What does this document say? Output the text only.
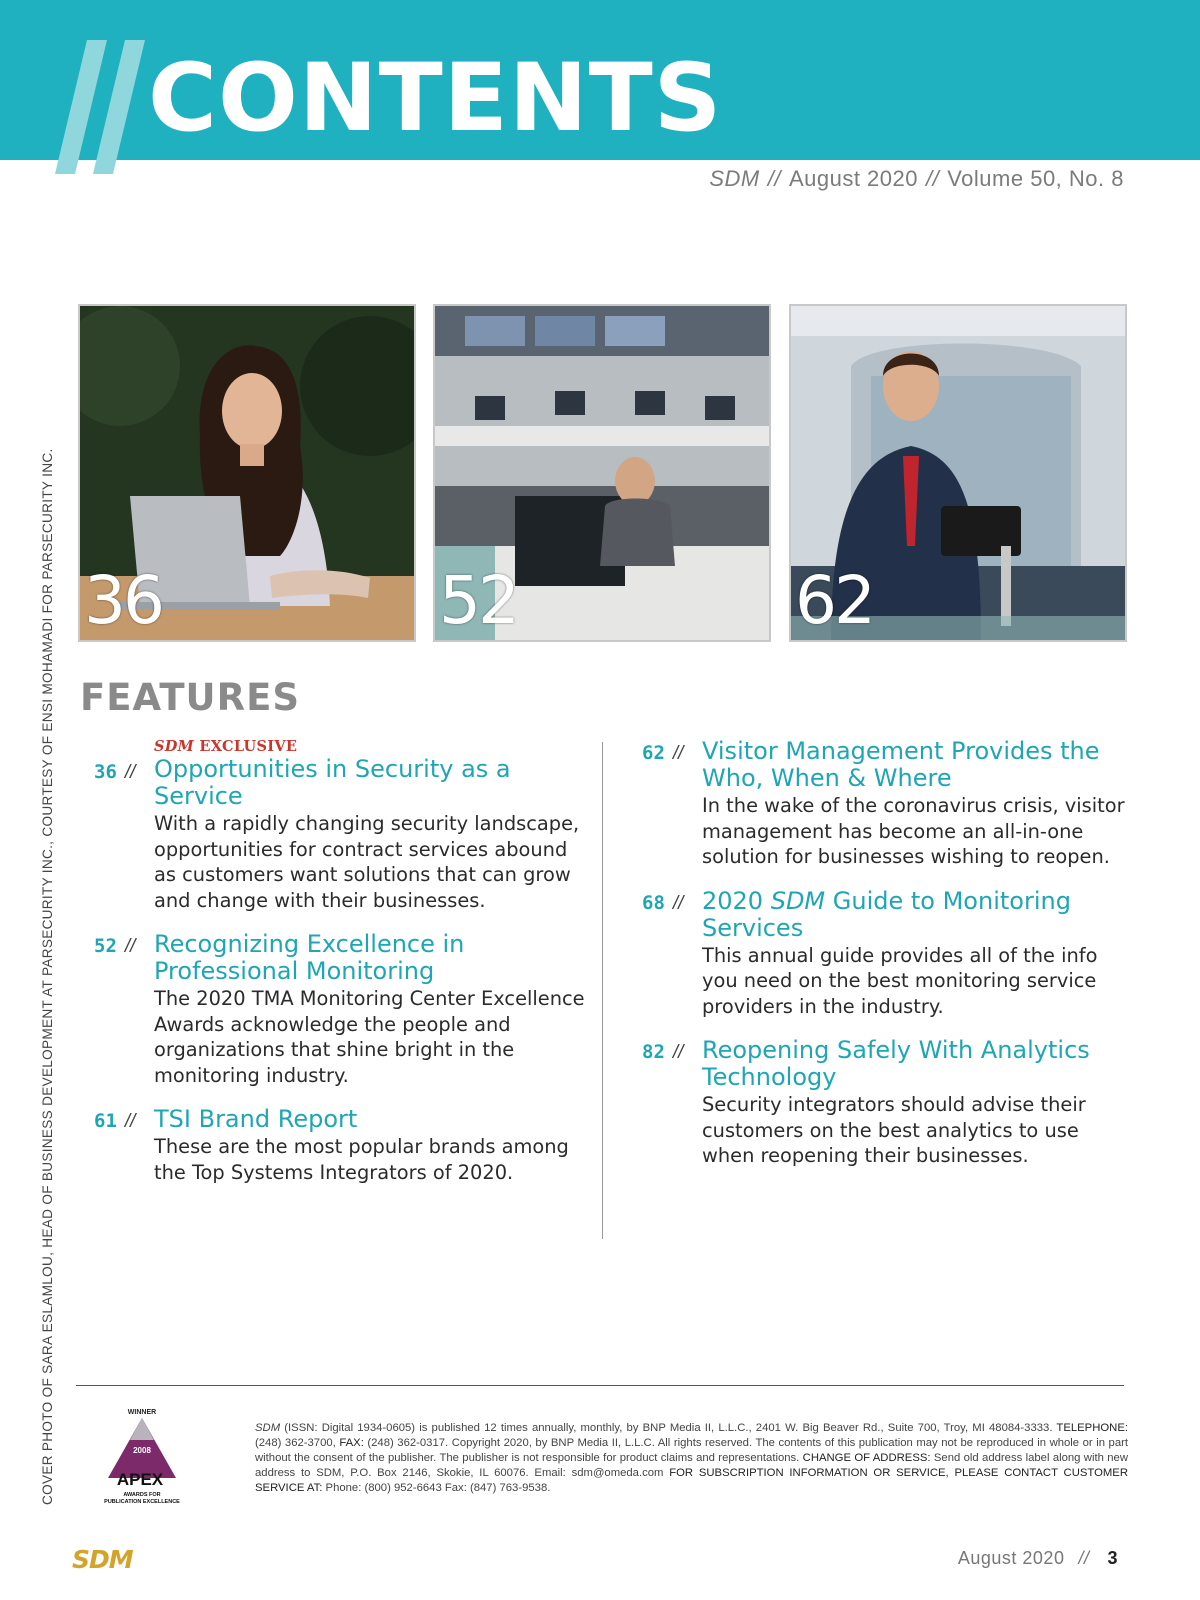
CONTENTS
SDM // August 2020 // Volume 50, No. 8
COVER PHOTO OF SARA ESLAMLOU, HEAD OF BUSINESS DEVELOPMENT AT PARSECURITY INC., COURTESY OF ENSI MOHAMADI FOR PARSECURITY INC. 36	52	62
FEATURES
SDM EXCLUSIVE
36 // Opportunities in Security as a Service
With a rapidly changing security landscape, opportunities for contract services abound as customers want solutions that can grow and change with their businesses.
52 // Recognizing Excellence in Professional Monitoring
The 2020 TMA Monitoring Center Excellence Awards acknowledge the people and organizations that shine bright in the monitoring industry.
61 // TSI Brand Report
These are the most popular brands among the Top Systems Integrators of 2020.
62 // Visitor Management Provides the Who, When & Where
In the wake of the coronavirus crisis, visitor management has become an all-in-one solution for businesses wishing to reopen.
68 // 2020 SDM Guide to Monitoring Services
This annual guide provides all of the info you need on the best monitoring service providers in the industry.
82 // Reopening Safely With Analytics Technology
Security integrators should advise their customers on the best analytics to use when reopening their businesses.
WINNER
2008
APEX
AWARDS FOR
PUBLICATION EXCELLENCE
SDM (ISSN: Digital 1934-0605) is published 12 times annually, monthly, by BNP Media II, L.L.C., 2401 W. Big Beaver Rd., Suite 700, Troy, MI 48084-3333. TELEPHONE: (248) 362-3700, FAX: (248) 362-0317. Copyright 2020, by BNP Media II, L.L.C. All rights reserved. The contents of this publication may not be reproduced in whole or in part without the consent of the publisher. The publisher is not responsible for product claims and representations. CHANGE OF ADDRESS: Send old address label along with new address to SDM, P.O. Box 2146, Skokie, IL 60076. Email: sdm@omeda.com FOR SUBSCRIPTION INFORMATION OR SERVICE, PLEASE CONTACT CUSTOMER SERVICE AT: Phone: (800) 952-6643 Fax: (847) 763-9538.
SDM	August 2020 // 3
